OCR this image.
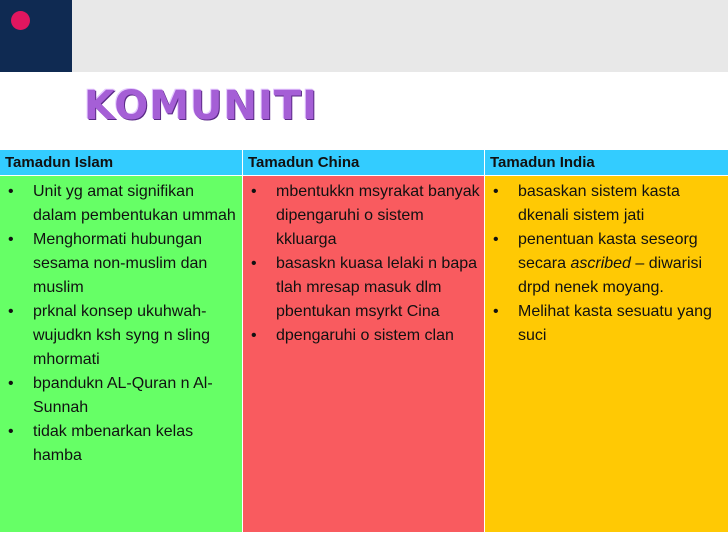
KOMUNITI
Tamadun Islam
• Unit yg amat signifikan dalam pembentukan ummah
• Menghormati hubungan sesama non-muslim dan muslim
• prknal konsep ukuhwah-wujudkn ksh syng n sling mhormati
• bpandukn AL-Quran n Al-Sunnah
• tidak mbenarkan kelas hamba
Tamadun China
• mbentukkn msyrakat banyak dipengaruhi o sistem kkluarga
• basaskn kuasa lelaki n bapa tlah mresap masuk dlm pbentukan msyrkt Cina
• dpengaruhi o sistem clan
Tamadun India
• basaskan sistem kasta dkenali sistem jati
• penentuan kasta seseorg secara ascribed – diwarisi drpd nenek moyang.
• Melihat kasta sesuatu yang suci
